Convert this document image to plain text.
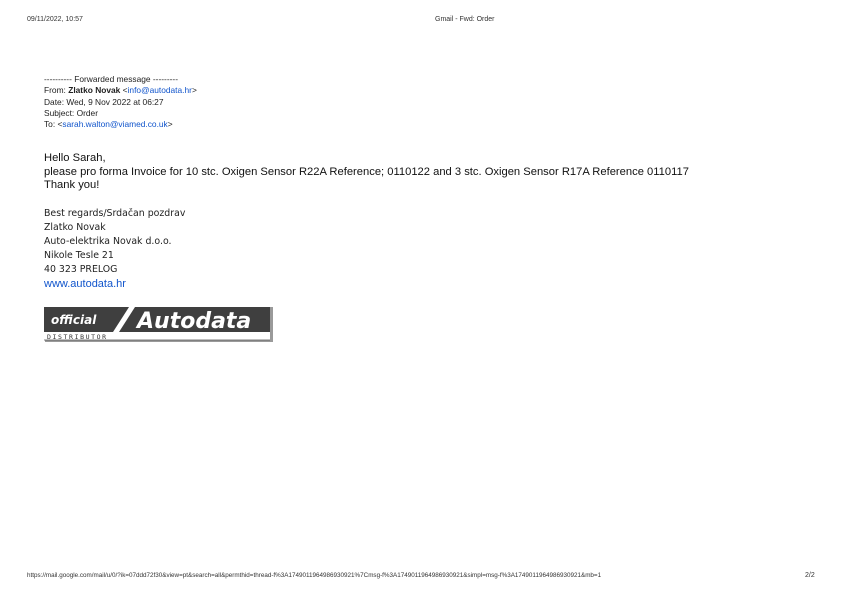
09/11/2022, 10:57	Gmail - Fwd: Order
---------- Forwarded message ---------
From: Zlatko Novak <info@autodata.hr>
Date: Wed, 9 Nov 2022 at 06:27
Subject: Order
To: <sarah.walton@viamed.co.uk>
Hello Sarah,
please pro forma Invoice for 10 stc. Oxigen Sensor R22A Reference; 0110122 and 3 stc. Oxigen Sensor R17A Reference 0110117
Thank you!
Best regards/Srdačan pozdrav
Zlatko Novak
Auto-elektrika Novak d.o.o.
Nikole Tesle 21
40 323 PRELOG
www.autodata.hr
official Autodata
DISTRIBUTOR
https://mail.google.com/mail/u/0/?ik=07ddd72f30&view=pt&search=all&permthid=thread-f%3A1749011964986930921%7Cmsg-f%3A1749011964986930921&simpl=msg-f%3A1749011964986930921&mb=1	2/2
